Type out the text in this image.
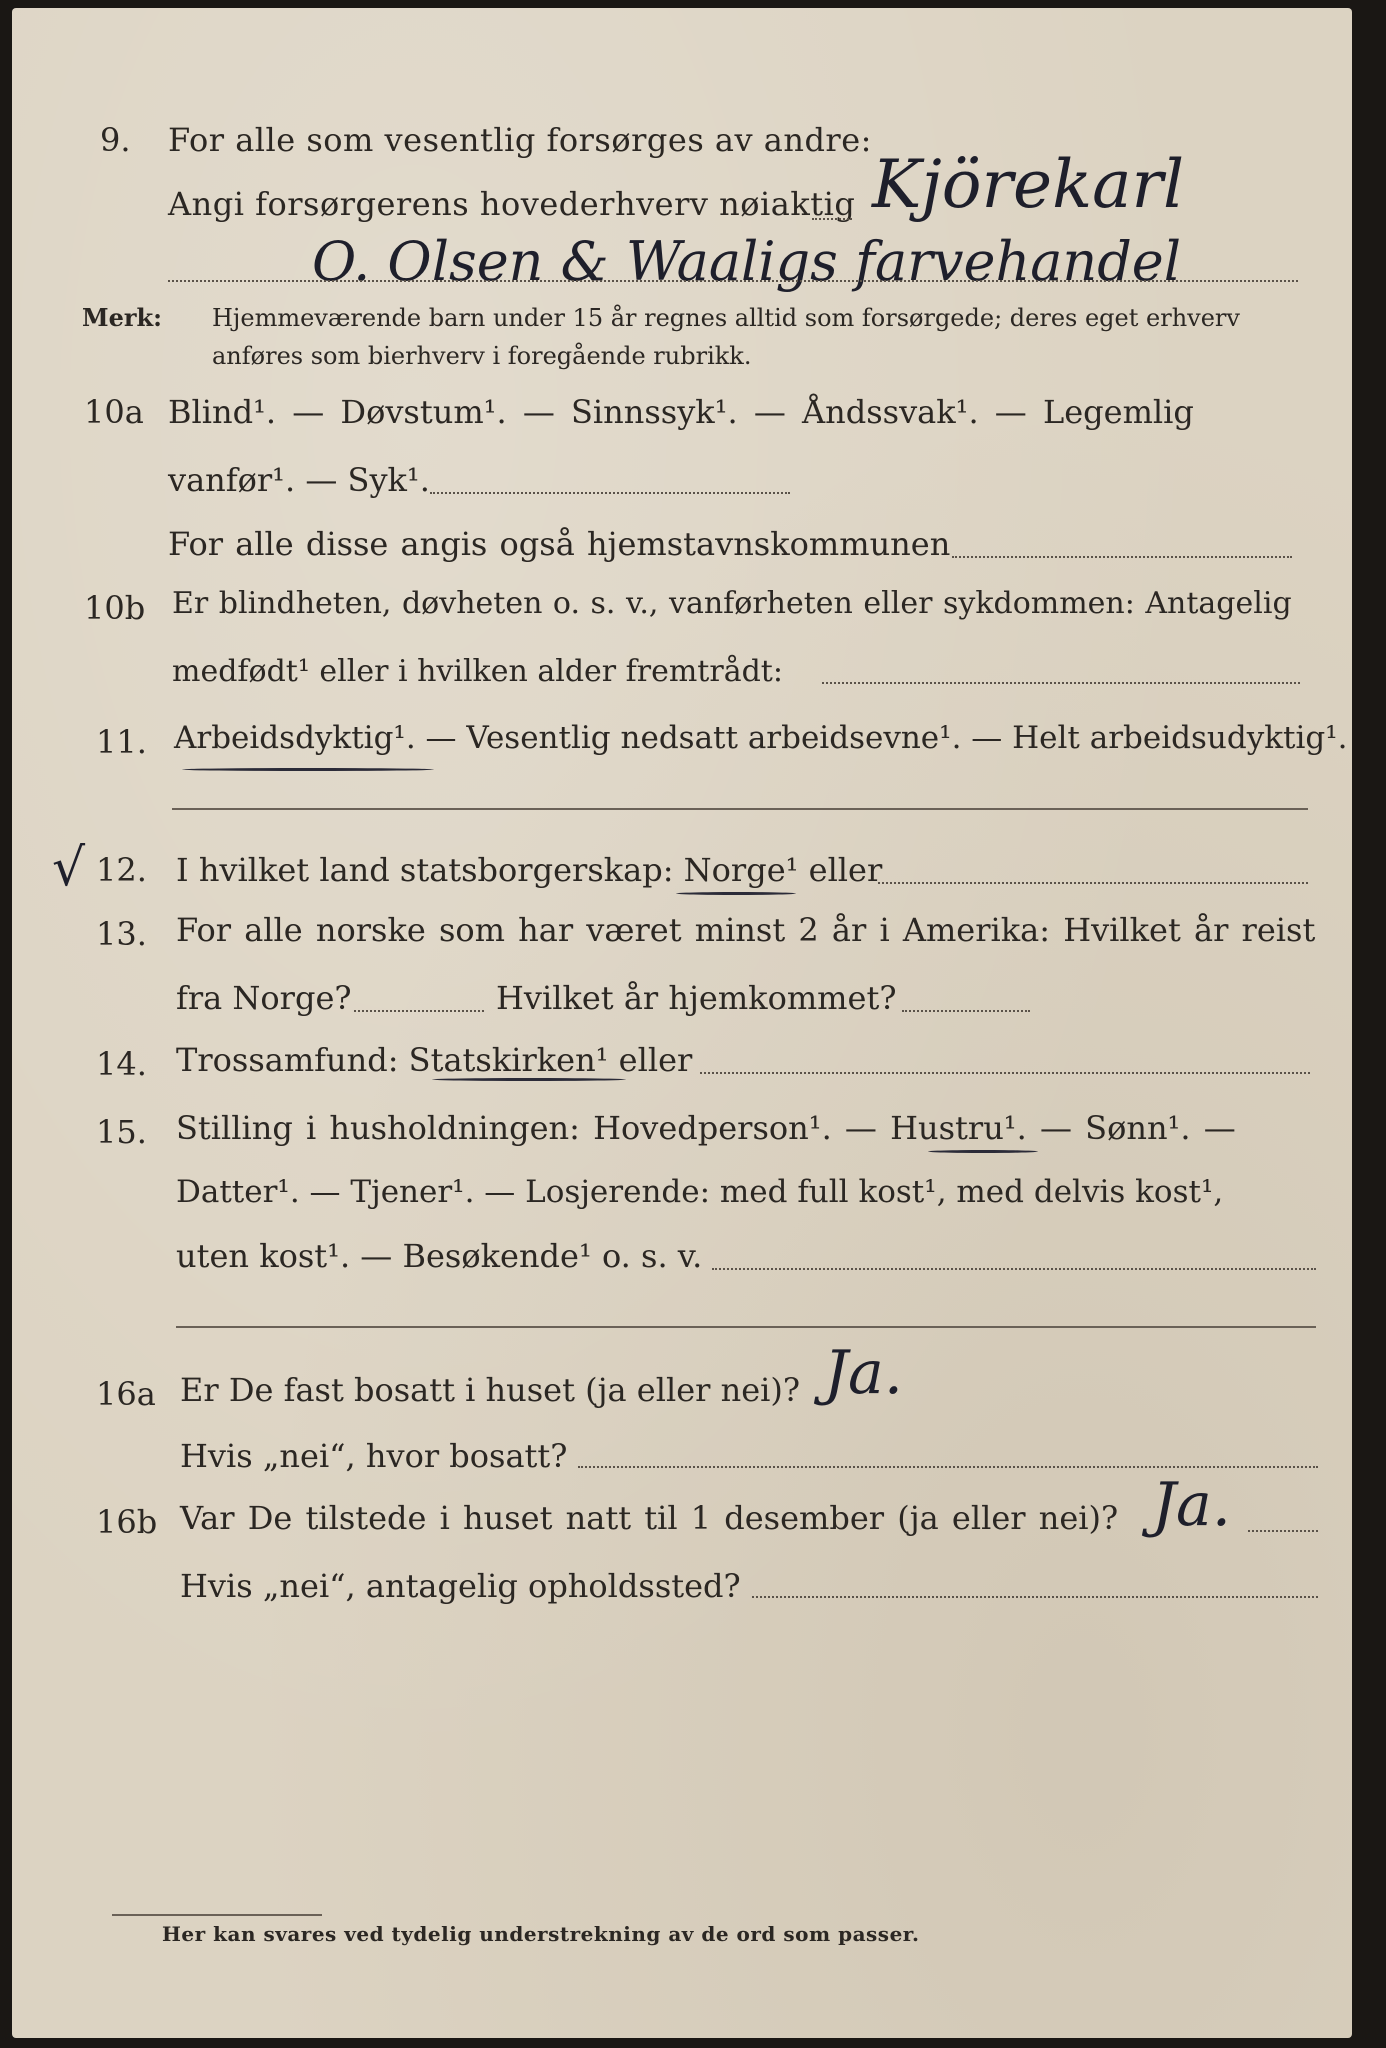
9. For alle som vesentlig forsørges av andre:
Angi forsørgerens hovederhverv nøiaktig Kjörekarl
O. Olsen & Waaligs farvehandel
Merk: Hjemmeværende barn under 15 år regnes alltid som forsørgede; deres eget erhverv
anføres som bierhverv i foregående rubrikk.
10a Blind¹. — Døvstum¹. — Sinnssyk¹. — Åndssvak¹. — Legemlig
vanfør¹. — Syk¹.
For alle disse angis også hjemstavnskommunen
10b Er blindheten, døvheten o. s. v., vanførheten eller sykdommen: Antagelig
medfødt¹ eller i hvilken alder fremtrådt:
11. Arbeidsdyktig¹. — Vesentlig nedsatt arbeidsevne¹. — Helt arbeidsudyktig¹.
√ 12. I hvilket land statsborgerskap: Norge¹ eller
13. For alle norske som har været minst 2 år i Amerika: Hvilket år reist
fra Norge?	Hvilket år hjemkommet?
14. Trossamfund: Statskirken¹ eller
15. Stilling i husholdningen: Hovedperson¹. — Hustru¹. — Sønn¹. —
Datter¹. — Tjener¹. — Losjerende: med full kost¹, med delvis kost¹,
uten kost¹. — Besøkende¹ o. s. v.
16a Er De fast bosatt i huset (ja eller nei)? Ja.
Hvis „nei“, hvor bosatt?
16b Var De tilstede i huset natt til 1 desember (ja eller nei)? Ja.
Hvis „nei“, antagelig opholdssted?
Her kan svares ved tydelig understrekning av de ord som passer.
